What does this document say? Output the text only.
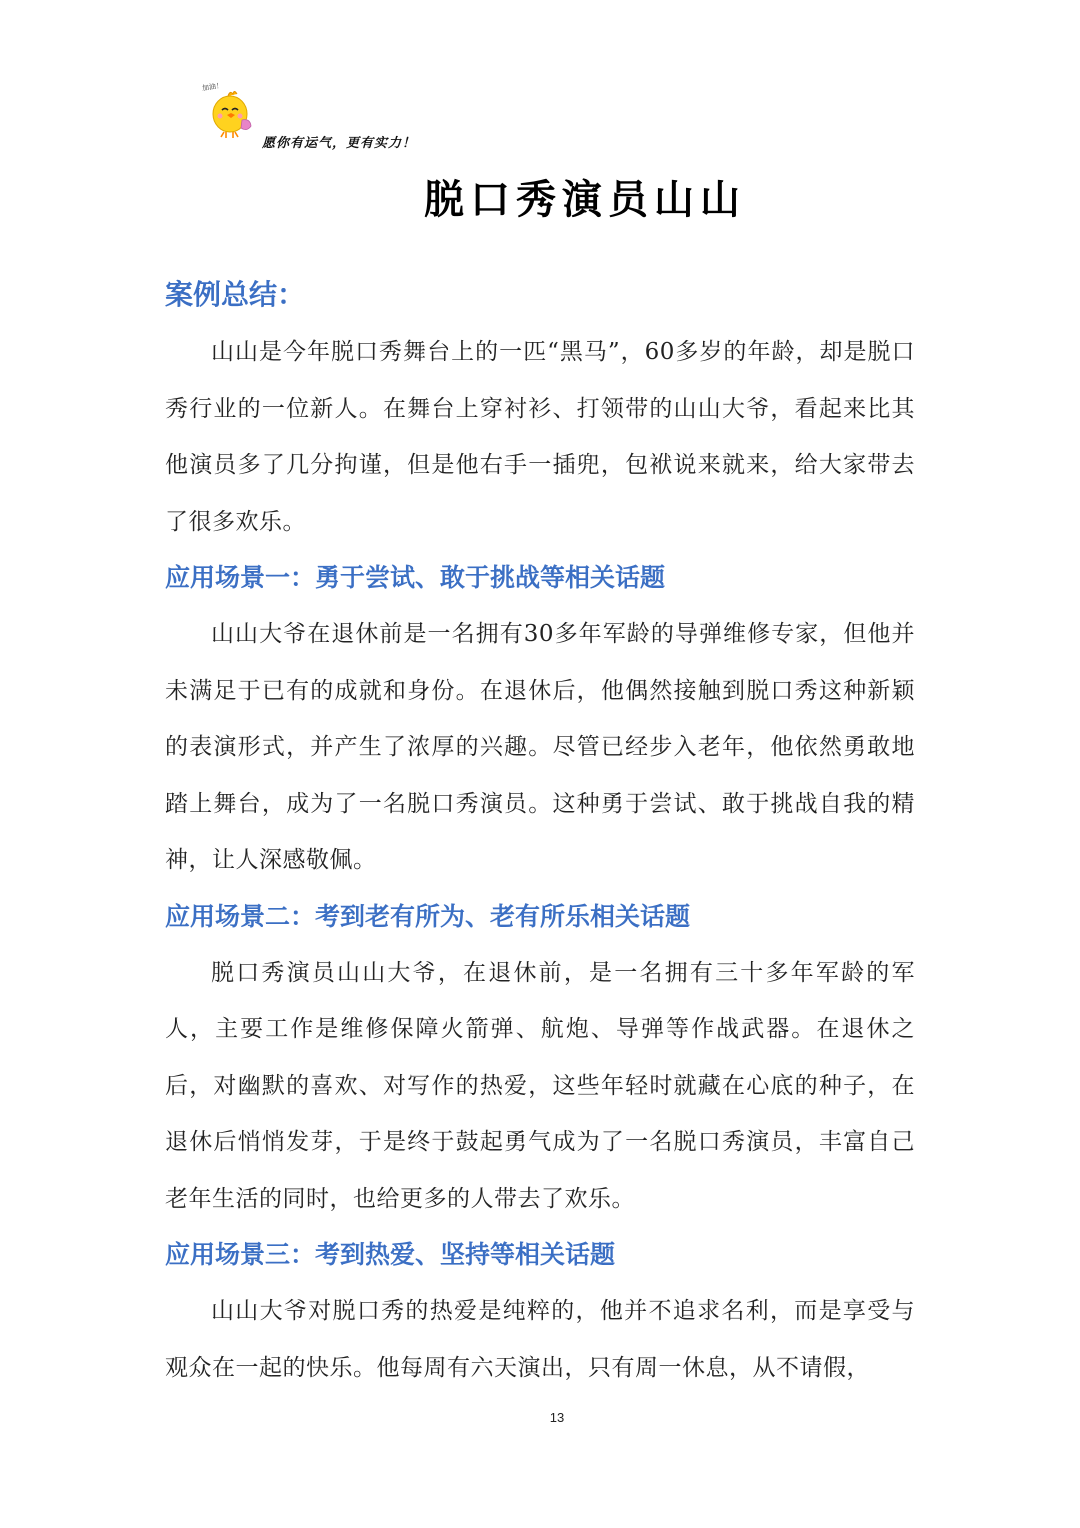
加油！
愿你有运气，更有实力！
脱口秀演员山山
案例总结：

山山是今年脱口秀舞台上的一匹“黑马”，60多岁的年龄，却是脱口秀行业的一位新人。在舞台上穿衬衫、打领带的山山大爷，看起来比其他演员多了几分拘谨，但是他右手一插兜，包袱说来就来，给大家带去了很多欢乐。

应用场景一：勇于尝试、敢于挑战等相关话题

山山大爷在退休前是一名拥有30多年军龄的导弹维修专家，但他并未满足于已有的成就和身份。在退休后，他偶然接触到脱口秀这种新颖的表演形式，并产生了浓厚的兴趣。尽管已经步入老年，他依然勇敢地踏上舞台，成为了一名脱口秀演员。这种勇于尝试、敢于挑战自我的精神，让人深感敬佩。

应用场景二：考到老有所为、老有所乐相关话题

脱口秀演员山山大爷，在退休前，是一名拥有三十多年军龄的军人，主要工作是维修保障火箭弹、航炮、导弹等作战武器。在退休之后，对幽默的喜欢、对写作的热爱，这些年轻时就藏在心底的种子，在退休后悄悄发芽，于是终于鼓起勇气成为了一名脱口秀演员，丰富自己老年生活的同时，也给更多的人带去了欢乐。

应用场景三：考到热爱、坚持等相关话题

山山大爷对脱口秀的热爱是纯粹的，他并不追求名利，而是享受与观众在一起的快乐。他每周有六天演出，只有周一休息，从不请假，

13
